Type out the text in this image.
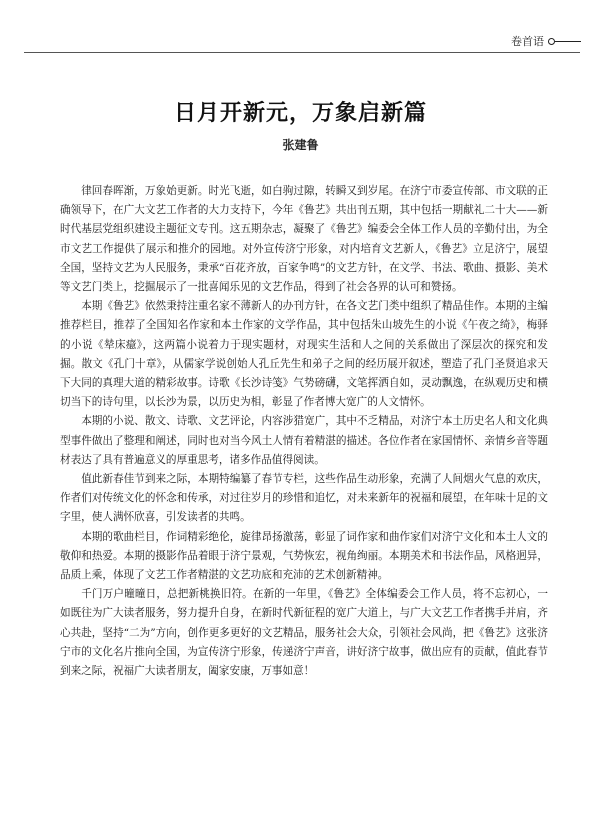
卷首语
日月开新元，万象启新篇
张建鲁

律回春晖渐，万象始更新。时光飞逝，如白驹过隙，转瞬又到岁尾。在济宁市委宣传部、市文联的正确领导下，在广大文艺工作者的大力支持下，今年《鲁艺》共出刊五期，其中包括一期献礼二十大——新时代基层党组织建设主题征文专刊。这五期杂志，凝聚了《鲁艺》编委会全体工作人员的辛勤付出，为全市文艺工作提供了展示和推介的园地。对外宣传济宁形象，对内培育文艺新人，《鲁艺》立足济宁，展望全国，坚持文艺为人民服务，秉承“百花齐放，百家争鸣”的文艺方针，在文学、书法、歌曲、摄影、美术等文艺门类上，挖掘展示了一批喜闻乐见的文艺作品，得到了社会各界的认可和赞扬。

本期《鲁艺》依然秉持注重名家不薄新人的办刊方针，在各文艺门类中组织了精品佳作。本期的主编推荐栏目，推荐了全国知名作家和本土作家的文学作品，其中包括朱山坡先生的小说《午夜之绮》，梅驿的小说《辇床癔》，这两篇小说着力于现实题材，对现实生活和人之间的关系做出了深层次的探究和发掘。散文《孔门十章》，从儒家学说创始人孔丘先生和弟子之间的经历展开叙述，塑造了孔门圣贤追求天下大同的真理大道的精彩故事。诗歌《长沙诗笺》气势磅礴，文笔挥洒自如，灵动飘逸，在纵观历史和横切当下的诗句里，以长沙为景，以历史为相，彰显了作者博大宽广的人文情怀。

本期的小说、散文、诗歌、文艺评论，内容涉猎宽广，其中不乏精品，对济宁本土历史名人和文化典型事件做出了整理和阐述，同时也对当今风土人情有着精湛的描述。各位作者在家国情怀、亲情乡音等题材表达了具有普遍意义的厚重思考，诸多作品值得阅读。

值此新春佳节到来之际，本期特编纂了春节专栏，这些作品生动形象，充满了人间烟火气息的欢庆，作者们对传统文化的怀念和传承，对过往岁月的珍惜和追忆，对未来新年的祝福和展望，在年味十足的文字里，使人满怀欣喜，引发读者的共鸣。

本期的歌曲栏目，作词精彩绝伦，旋律昂扬激荡，彰显了词作家和曲作家们对济宁文化和本土人文的敬仰和热爱。本期的摄影作品着眼于济宁景观，气势恢宏，视角绚丽。本期美术和书法作品，风格迥异，品质上乘，体现了文艺工作者精湛的文艺功底和充沛的艺术创新精神。

千门万户曈曈日，总把新桃换旧符。在新的一年里，《鲁艺》全体编委会工作人员，将不忘初心，一如既往为广大读者服务，努力提升自身，在新时代新征程的宽广大道上，与广大文艺工作者携手并肩，齐心共赴，坚持“二为”方向，创作更多更好的文艺精品，服务社会大众，引领社会风尚，把《鲁艺》这张济宁市的文化名片推向全国，为宣传济宁形象，传递济宁声音，讲好济宁故事，做出应有的贡献，值此春节到来之际，祝福广大读者朋友，阖家安康，万事如意！
